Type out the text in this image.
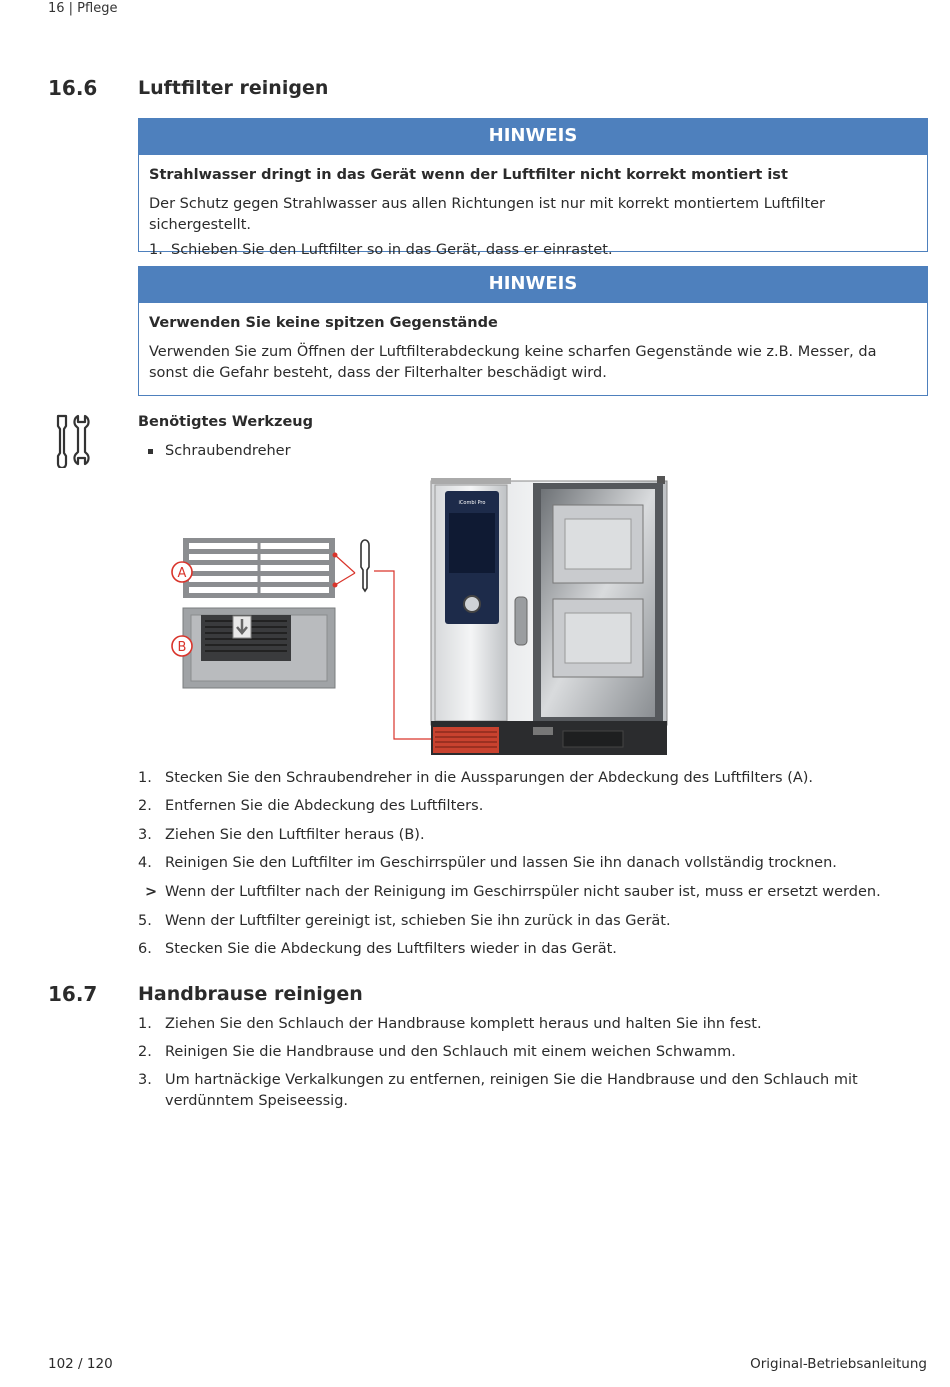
16 | Pflege
16.6 Luftfilter reinigen
HINWEIS
Strahlwasser dringt in das Gerät wenn der Luftfilter nicht korrekt montiert ist
Der Schutz gegen Strahlwasser aus allen Richtungen ist nur mit korrekt montiertem Luftfilter sichergestellt.
1. Schieben Sie den Luftfilter so in das Gerät, dass er einrastet.
HINWEIS
Verwenden Sie keine spitzen Gegenstände
Verwenden Sie zum Öffnen der Luftfilterabdeckung keine scharfen Gegenstände wie z.B. Messer, da sonst die Gefahr besteht, dass der Filterhalter beschädigt wird.
Benötigtes Werkzeug
Schraubendreher
A
B
iCombi Pro
1. Stecken Sie den Schraubendreher in die Aussparungen der Abdeckung des Luftfilters (A).
2. Entfernen Sie die Abdeckung des Luftfilters.
3. Ziehen Sie den Luftfilter heraus (B).
4. Reinigen Sie den Luftfilter im Geschirrspüler und lassen Sie ihn danach vollständig trocknen.
> Wenn der Luftfilter nach der Reinigung im Geschirrspüler nicht sauber ist, muss er ersetzt werden.
5. Wenn der Luftfilter gereinigt ist, schieben Sie ihn zurück in das Gerät.
6. Stecken Sie die Abdeckung des Luftfilters wieder in das Gerät.
16.7 Handbrause reinigen
1. Ziehen Sie den Schlauch der Handbrause komplett heraus und halten Sie ihn fest.
2. Reinigen Sie die Handbrause und den Schlauch mit einem weichen Schwamm.
3. Um hartnäckige Verkalkungen zu entfernen, reinigen Sie die Handbrause und den Schlauch mit verdünntem Speiseessig.
102 / 120	Original-Betriebsanleitung
